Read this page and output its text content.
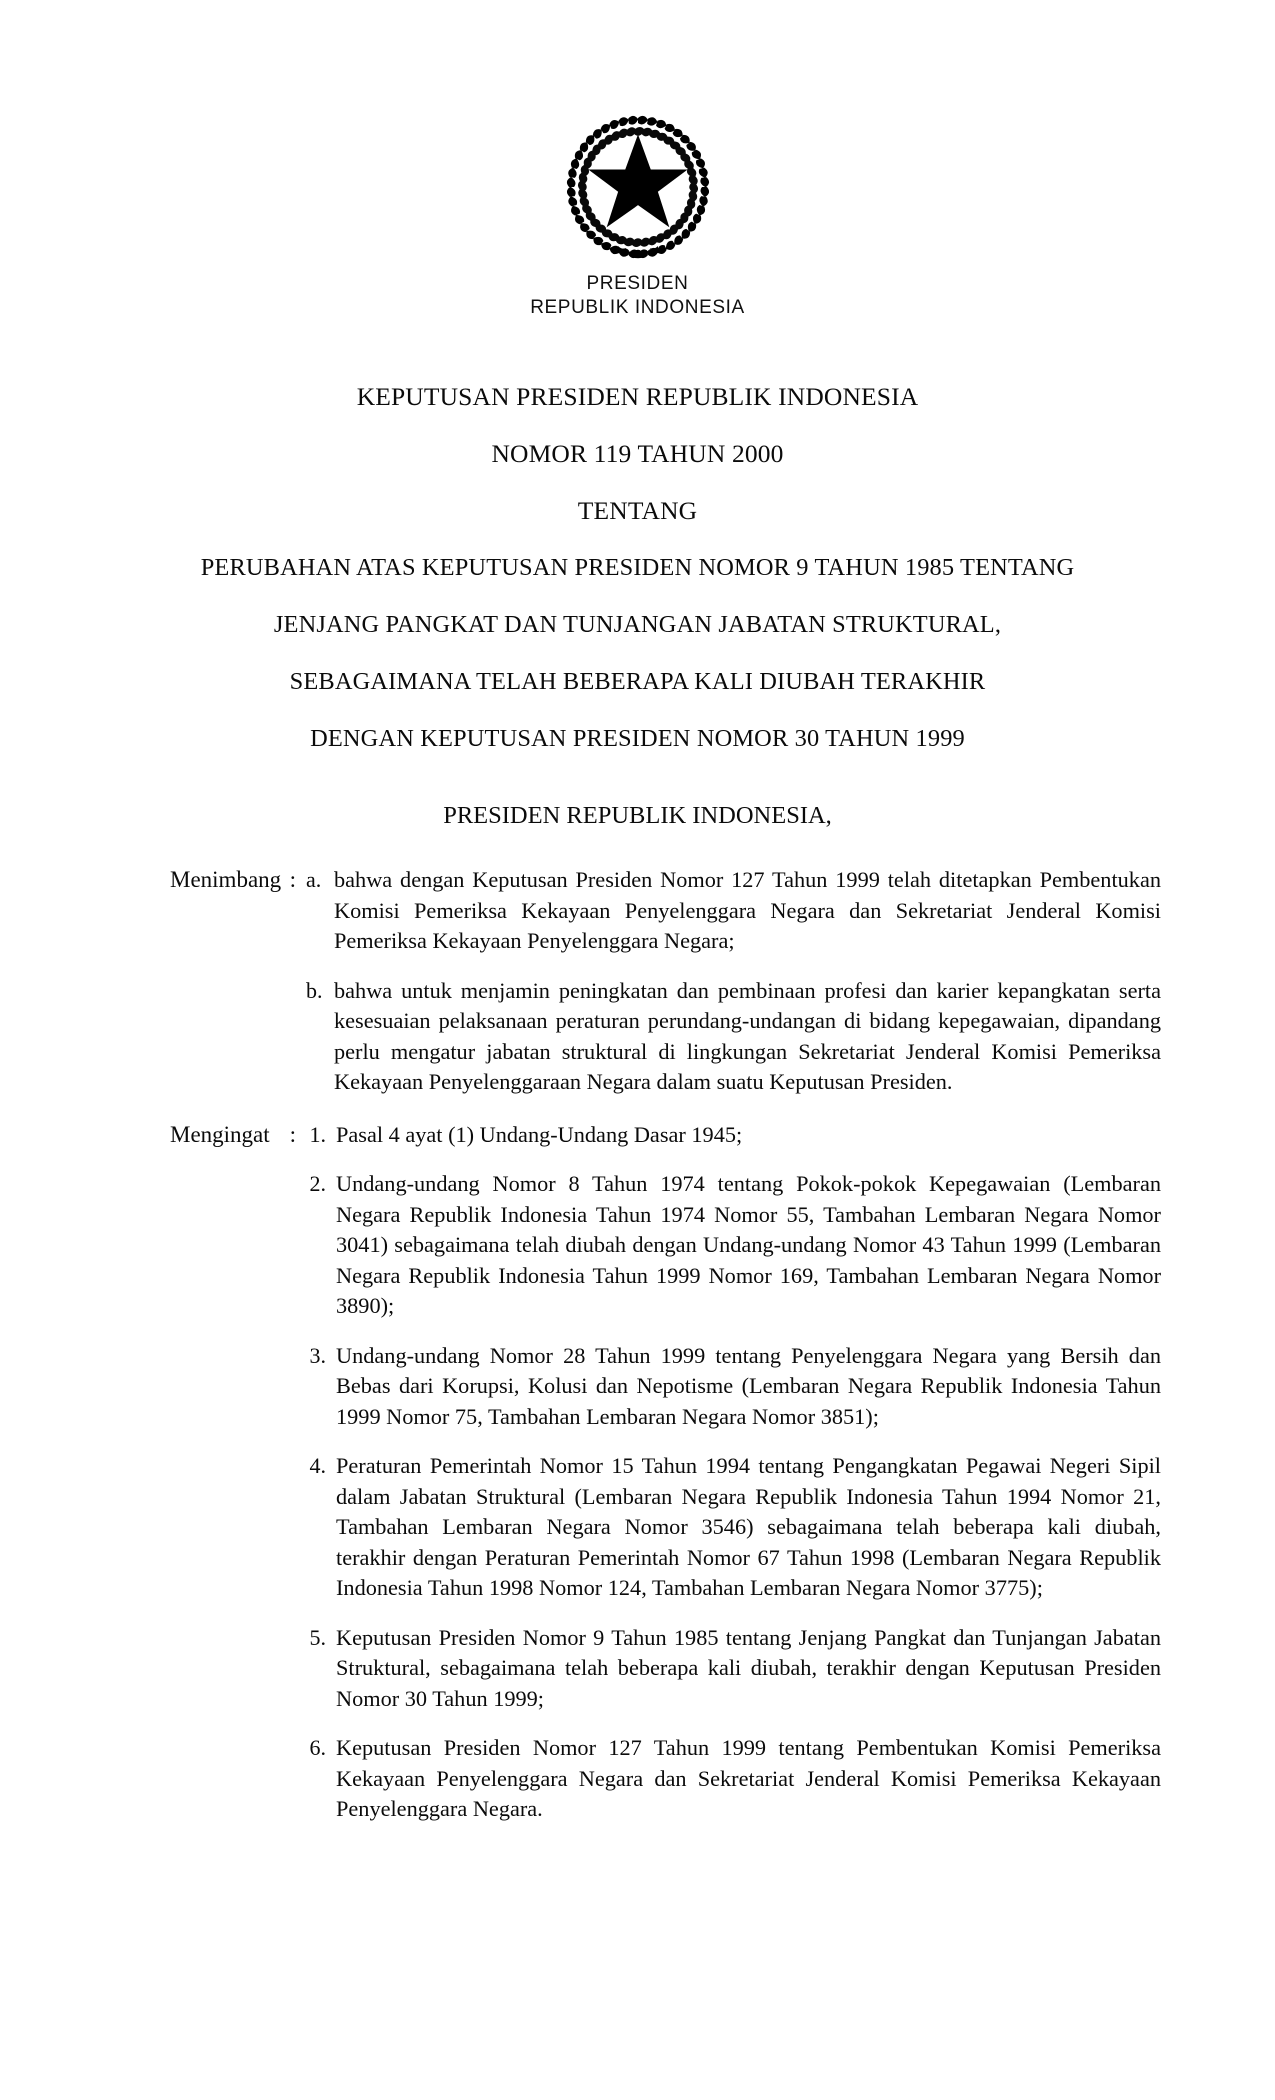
PRESIDEN
REPUBLIK INDONESIA
KEPUTUSAN PRESIDEN REPUBLIK INDONESIA
NOMOR 119 TAHUN 2000
TENTANG
PERUBAHAN ATAS KEPUTUSAN PRESIDEN NOMOR 9 TAHUN 1985 TENTANG
JENJANG PANGKAT DAN TUNJANGAN JABATAN STRUKTURAL,
SEBAGAIMANA TELAH BEBERAPA KALI DIUBAH TERAKHIR
DENGAN KEPUTUSAN PRESIDEN NOMOR 30 TAHUN 1999
PRESIDEN REPUBLIK INDONESIA,
Menimbang : a. bahwa dengan Keputusan Presiden Nomor 127 Tahun 1999 telah ditetapkan Pembentukan Komisi Pemeriksa Kekayaan Penyelenggara Negara dan Sekretariat Jenderal Komisi Pemeriksa Kekayaan Penyelenggara Negara;
b. bahwa untuk menjamin peningkatan dan pembinaan profesi dan karier kepangkatan serta kesesuaian pelaksanaan peraturan perundang-undangan di bidang kepegawaian, dipandang perlu mengatur jabatan struktural di lingkungan Sekretariat Jenderal Komisi Pemeriksa Kekayaan Penyelenggaraan Negara dalam suatu Keputusan Presiden.
Mengingat : 1. Pasal 4 ayat (1) Undang-Undang Dasar 1945;
2. Undang-undang Nomor 8 Tahun 1974 tentang Pokok-pokok Kepegawaian (Lembaran Negara Republik Indonesia Tahun 1974 Nomor 55, Tambahan Lembaran Negara Nomor 3041) sebagaimana telah diubah dengan Undang-undang Nomor 43 Tahun 1999 (Lembaran Negara Republik Indonesia Tahun 1999 Nomor 169, Tambahan Lembaran Negara Nomor 3890);
3. Undang-undang Nomor 28 Tahun 1999 tentang Penyelenggara Negara yang Bersih dan Bebas dari Korupsi, Kolusi dan Nepotisme (Lembaran Negara Republik Indonesia Tahun 1999 Nomor 75, Tambahan Lembaran Negara Nomor 3851);
4. Peraturan Pemerintah Nomor 15 Tahun 1994 tentang Pengangkatan Pegawai Negeri Sipil dalam Jabatan Struktural (Lembaran Negara Republik Indonesia Tahun 1994 Nomor 21, Tambahan Lembaran Negara Nomor 3546) sebagaimana telah beberapa kali diubah, terakhir dengan Peraturan Pemerintah Nomor 67 Tahun 1998 (Lembaran Negara Republik Indonesia Tahun 1998 Nomor 124, Tambahan Lembaran Negara Nomor 3775);
5. Keputusan Presiden Nomor 9 Tahun 1985 tentang Jenjang Pangkat dan Tunjangan Jabatan Struktural, sebagaimana telah beberapa kali diubah, terakhir dengan Keputusan Presiden Nomor 30 Tahun 1999;
6. Keputusan Presiden Nomor 127 Tahun 1999 tentang Pembentukan Komisi Pemeriksa Kekayaan Penyelenggara Negara dan Sekretariat Jenderal Komisi Pemeriksa Kekayaan Penyelenggara Negara.
